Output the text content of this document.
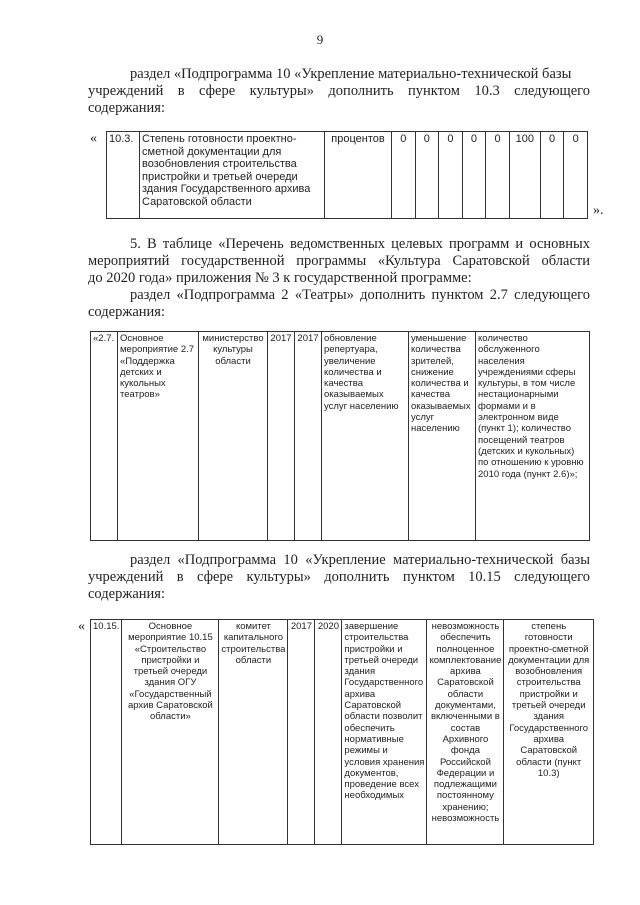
9
раздел «Подпрограмма 10 «Укрепление материально-технической базы
учреждений в сфере культуры» дополнить пунктом 10.3 следующего
содержания:
« 10.3.	Степень готовности проектно-сметной документации для возобновления строительства пристройки и третьей очереди здания Государственного архива Саратовской области	процентов	0	0	0	0	0	100	0	0
».
5. В таблице «Перечень ведомственных целевых программ и основных
мероприятий государственной программы «Культура Саратовской области
до 2020 года» приложения № 3 к государственной программе:
раздел «Подпрограмма 2 «Театры» дополнить пунктом 2.7 следующего
содержания:
«2.7.	Основное мероприятие 2.7 «Поддержка детских и кукольных театров»	министерство культуры области	2017	2017	обновление репертуара, увеличение количества и качества оказываемых услуг населению	уменьшение количества зрителей, снижение количества и качества оказываемых услуг населению	количество обслуженного населения учреждениями сферы культуры, в том числе нестационарными формами и в электронном виде (пункт 1); количество посещений театров (детских и кукольных) по отношению к уровню 2010 года (пункт 2.6)»;
раздел «Подпрограмма 10 «Укрепление материально-технической базы
учреждений в сфере культуры» дополнить пунктом 10.15 следующего
содержания:
« 10.15.	Основное мероприятие 10.15 «Строительство пристройки и третьей очереди здания ОГУ «Государственный архив Саратовской области»	комитет капитального строительства области	2017	2020	завершение строительства пристройки и третьей очереди здания Государственного архива Саратовской области позволит обеспечить нормативные режимы и условия хранения документов, проведение всех необходимых	невозможность обеспечить полноценное комплектование архива Саратовской области документами, включенными в состав Архивного фонда Российской Федерации и подлежащими постоянному хранению; невозможность	степень готовности проектно-сметной документации для возобновления строительства пристройки и третьей очереди здания Государственного архива Саратовской области (пункт 10.3)
